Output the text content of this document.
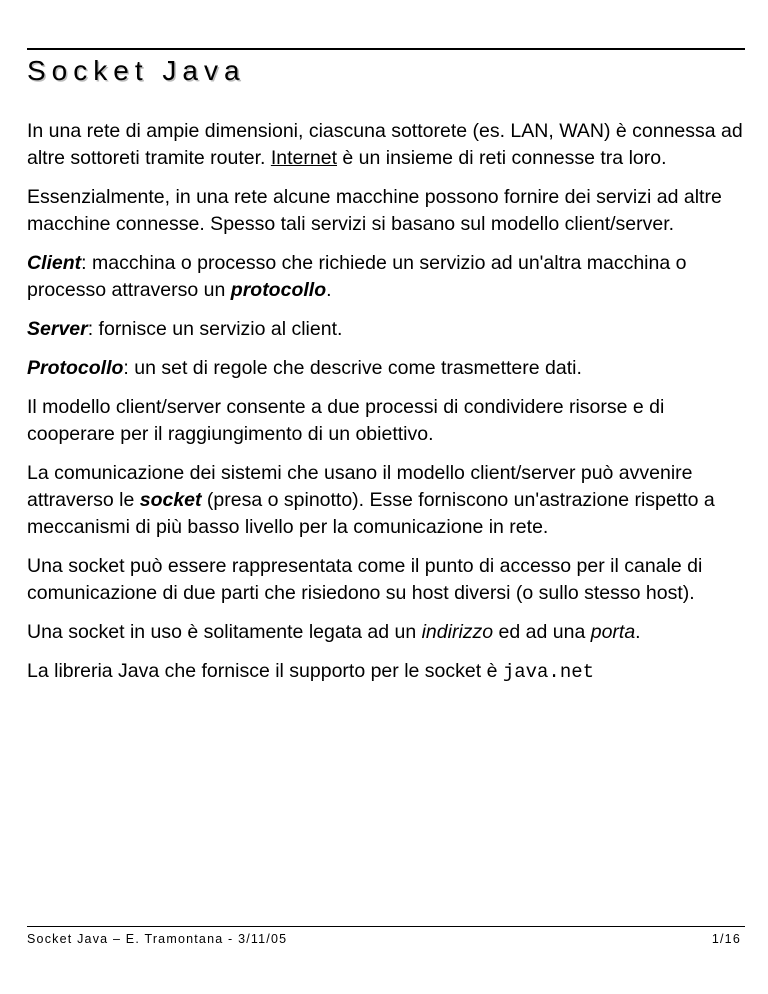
Socket Java

In una rete di ampie dimensioni, ciascuna sottorete (es. LAN, WAN) è connessa ad altre sottoreti tramite router. Internet è un insieme di reti connesse tra loro.

Essenzialmente, in una rete alcune macchine possono fornire dei servizi ad altre macchine connesse. Spesso tali servizi si basano sul modello client/server.

Client: macchina o processo che richiede un servizio ad un'altra macchina o processo attraverso un protocollo.

Server: fornisce un servizio al client.

Protocollo: un set di regole che descrive come trasmettere dati.

Il modello client/server consente a due processi di condividere risorse e di cooperare per il raggiungimento di un obiettivo.

La comunicazione dei sistemi che usano il modello client/server può avvenire attraverso le socket (presa o spinotto). Esse forniscono un'astrazione rispetto a meccanismi di più basso livello per la comunicazione in rete.

Una socket può essere rappresentata come il punto di accesso per il canale di comunicazione di due parti che risiedono su host diversi (o sullo stesso host).

Una socket in uso è solitamente legata ad un indirizzo ed ad una porta.

La libreria Java che fornisce il supporto per le socket è java.net

Socket Java – E. Tramontana - 3/11/05	1/16
